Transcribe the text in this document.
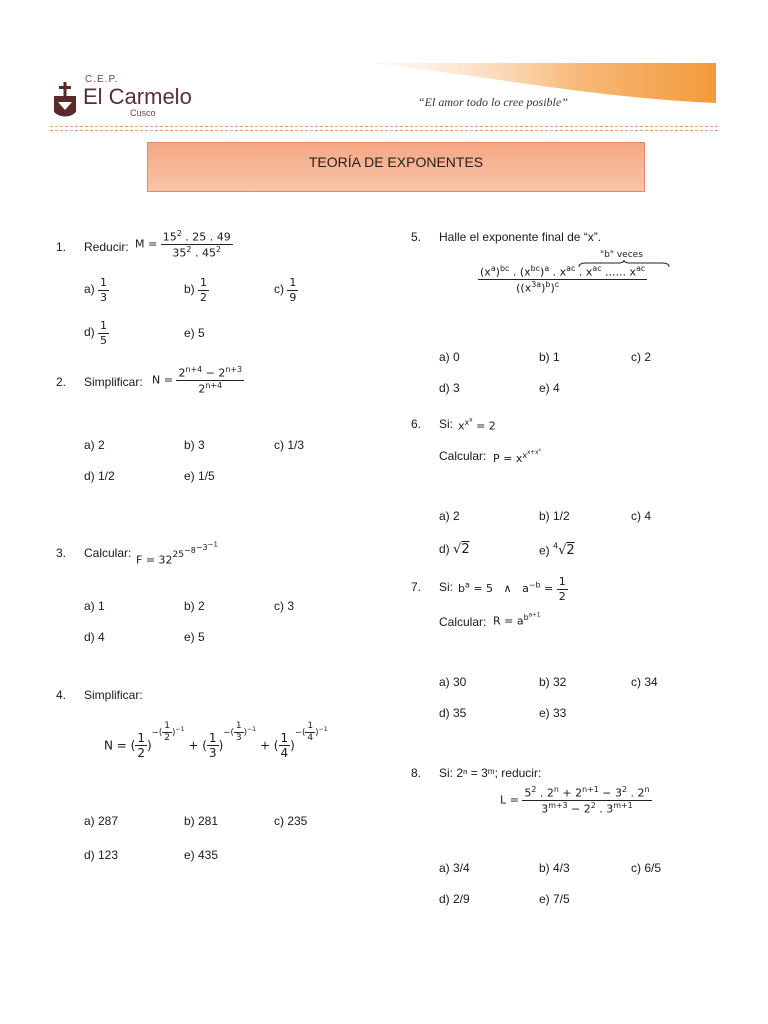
C.E.P.
El Carmelo
Cusco
“El amor todo lo cree posible”
TEORÍA DE EXPONENTES
1. Reducir: $M = \frac{15^2 . 25 . 49}{35^2 . 45^2}$
$a) \frac{1}{3}$	$b) \frac{1}{2}$	$c) \frac{1}{9}$
$d) \frac{1}{5}$	e) 5
2. Simplificar: $N = \frac{2^{n+4} - 2^{n+3}}{2^{n+4}}$
a) 2	b) 3	c) 1/3
d) 1/2	e) 1/5
3. Calcular: $F = 32^{25^{-8^{-3^{-1}}}}$
a) 1	b) 2	c) 3
d) 4	e) 5
4. Simplificar:
N = ( $\frac{1}{2} )^{-( \frac{1}{2} )^{-1}}$ + ( $\frac{1}{3} )^{-( \frac{1}{3} )^{-1}}$ + ( $\frac{1}{4} )^{-( \frac{1}{4} )^{-1}}$
a) 287	b) 281	c) 235
d) 123	e) 435
5. Halle el exponente final de “x”.
"b" veces
$\frac{(x^a)^{bc} . (x^{bc})^a . x^{ac} . x^{ac} ...... x^{ac}}{((x^{3a})^b)^c}$
a) 0	b) 1	c) 2
d) 3	e) 4
6. Si: $x^{x^x} = 2$
Calcular: $P = x^{x^{x+x^x}}$
a) 2	b) 1/2	c) 4
d) √2	e) $^4$√2
7. Si: $b^a = 5$   ∧   $a^{-b} = \frac{1}{2}$
Calcular: $R = a^{b^{a+1}}$
a) 30	b) 32	c) 34
d) 35	e) 33
8. Si: 2ⁿ = 3ᵐ; reducir:
$L = \frac{5^2 . 2^n + 2^{n+1} - 3^2 . 2^n}{3^{m+3} - 2^2 . 3^{m+1}}$
a) 3/4	b) 4/3	c) 6/5
d) 2/9	e) 7/5
